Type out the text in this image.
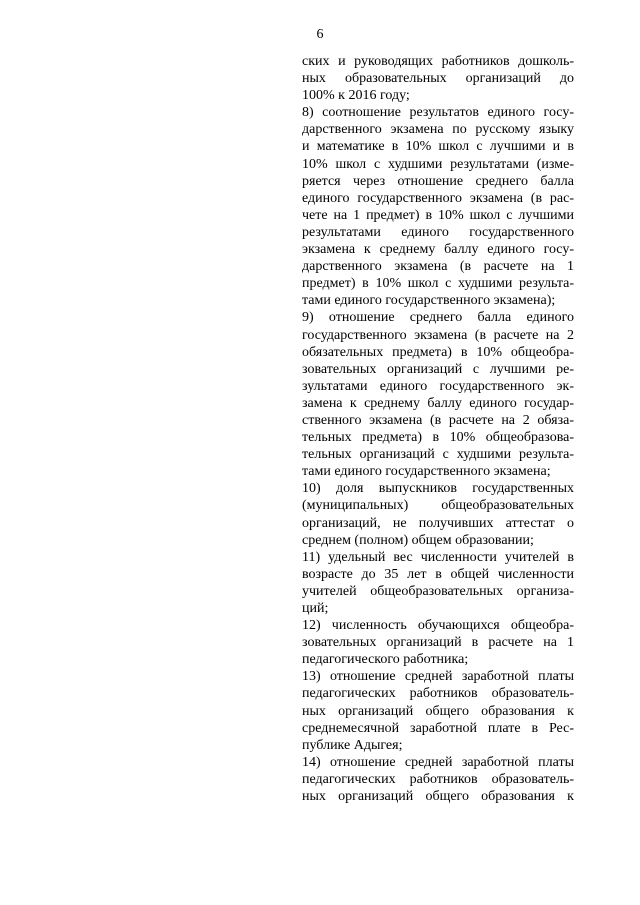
6
ских и руководящих работников дошколь-
ных образовательных организаций до
100% к 2016 году;
8) соотношение результатов единого госу-
дарственного экзамена по русскому языку
и математике в 10% школ с лучшими и в
10% школ с худшими результатами (изме-
ряется через отношение среднего балла
единого государственного экзамена (в рас-
чете на 1 предмет) в 10% школ с лучшими
результатами единого государственного
экзамена к среднему баллу единого госу-
дарственного экзамена (в расчете на 1
предмет) в 10% школ с худшими результа-
тами единого государственного экзамена);
9) отношение среднего балла единого
государственного экзамена (в расчете на 2
обязательных предмета) в 10% общеобра-
зовательных организаций с лучшими ре-
зультатами единого государственного эк-
замена к среднему баллу единого государ-
ственного экзамена (в расчете на 2 обяза-
тельных предмета) в 10% общеобразова-
тельных организаций с худшими результа-
тами единого государственного экзамена;
10) доля выпускников государственных
(муниципальных) общеобразовательных
организаций, не получивших аттестат о
среднем (полном) общем образовании;
11) удельный вес численности учителей в
возрасте до 35 лет в общей численности
учителей общеобразовательных организа-
ций;
12) численность обучающихся общеобра-
зовательных организаций в расчете на 1
педагогического работника;
13) отношение средней заработной платы
педагогических работников образователь-
ных организаций общего образования к
среднемесячной заработной плате в Рес-
публике Адыгея;
14) отношение средней заработной платы
педагогических работников образователь-
ных организаций общего образования к
